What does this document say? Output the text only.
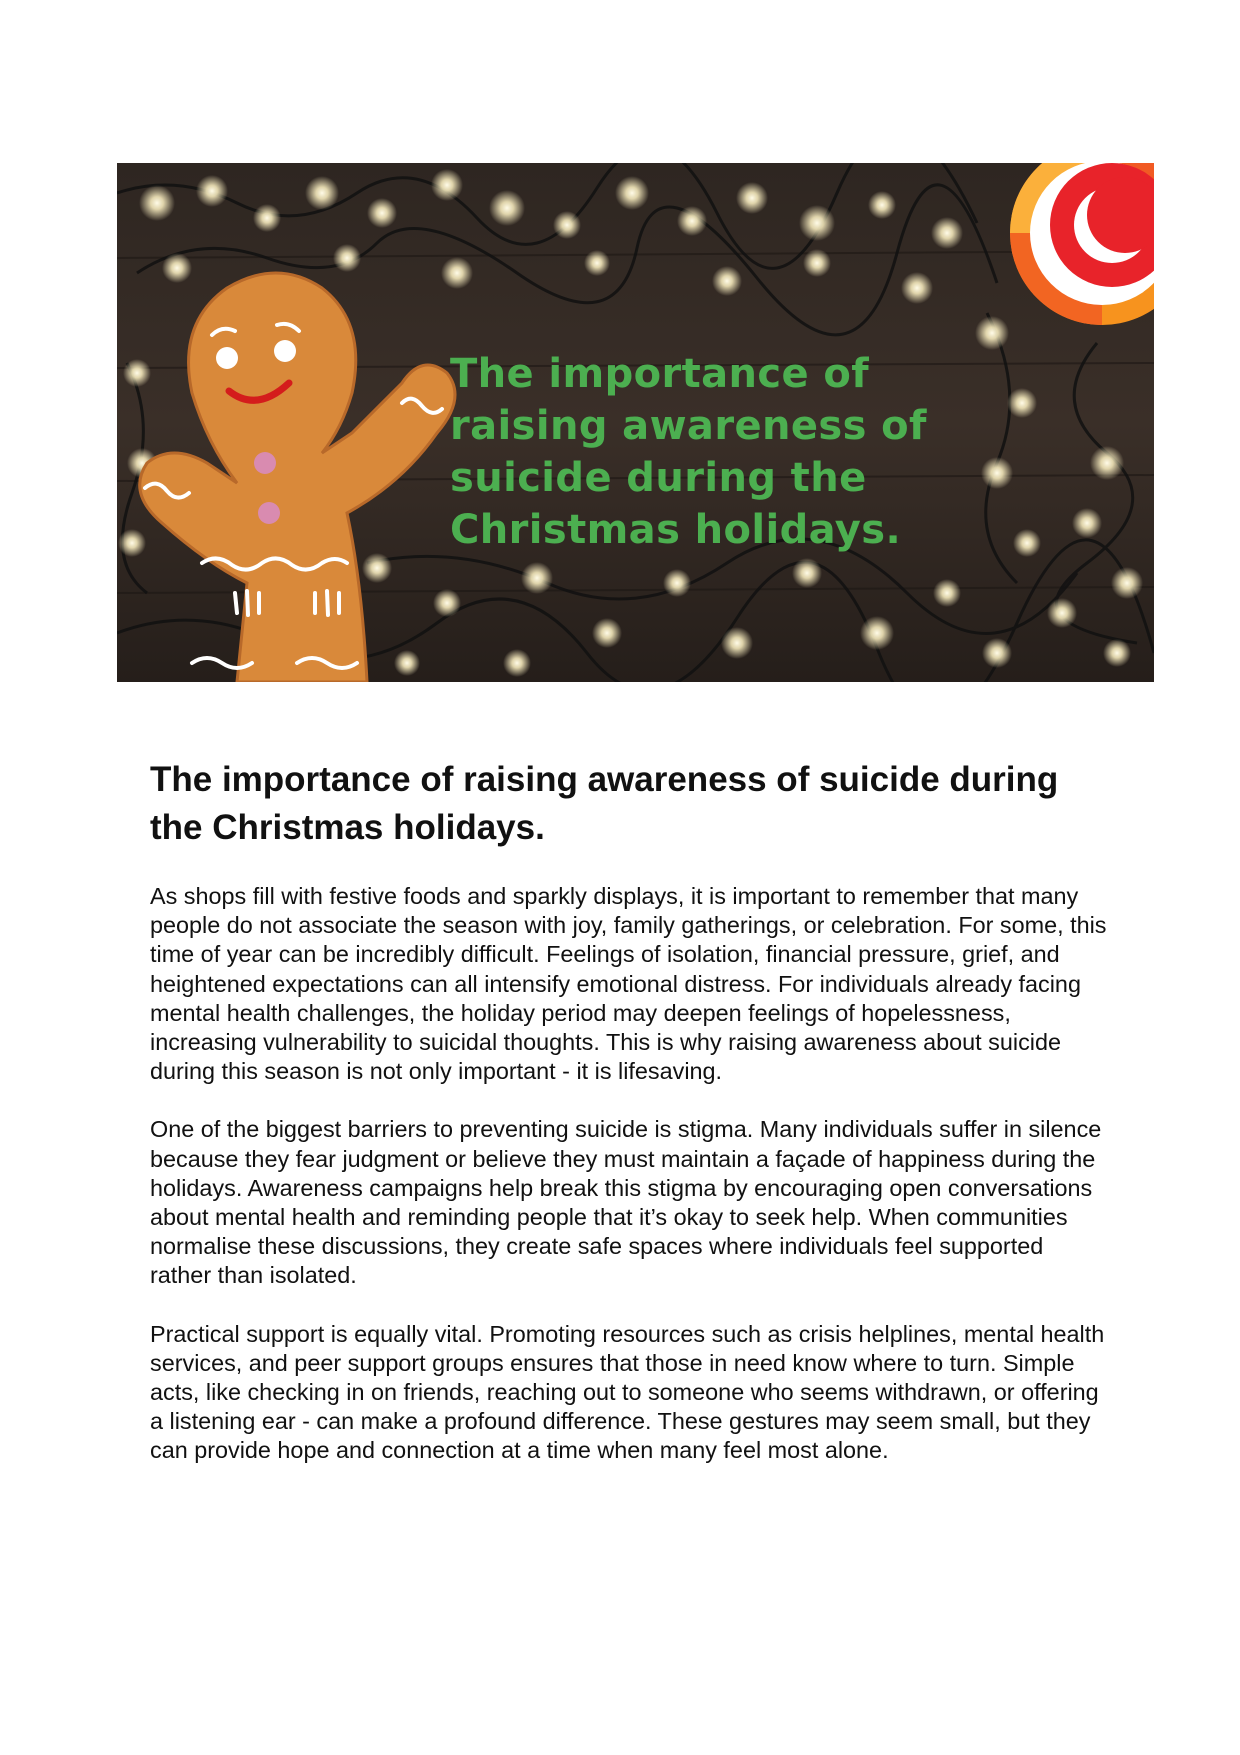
The importance of
raising awareness of
suicide during the
Christmas holidays.
The importance of raising awareness of suicide during the Christmas holidays.

As shops fill with festive foods and sparkly displays, it is important to remember that many people do not associate the season with joy, family gatherings, or celebration. For some, this time of year can be incredibly difficult. Feelings of isolation, financial pressure, grief, and heightened expectations can all intensify emotional distress. For individuals already facing mental health challenges, the holiday period may deepen feelings of hopelessness, increasing vulnerability to suicidal thoughts. This is why raising awareness about suicide during this season is not only important - it is lifesaving.

One of the biggest barriers to preventing suicide is stigma. Many individuals suffer in silence because they fear judgment or believe they must maintain a façade of happiness during the holidays. Awareness campaigns help break this stigma by encouraging open conversations about mental health and reminding people that it’s okay to seek help. When communities normalise these discussions, they create safe spaces where individuals feel supported rather than isolated.

Practical support is equally vital. Promoting resources such as crisis helplines, mental health services, and peer support groups ensures that those in need know where to turn. Simple acts, like checking in on friends, reaching out to someone who seems withdrawn, or offering a listening ear - can make a profound difference. These gestures may seem small, but they can provide hope and connection at a time when many feel most alone.
